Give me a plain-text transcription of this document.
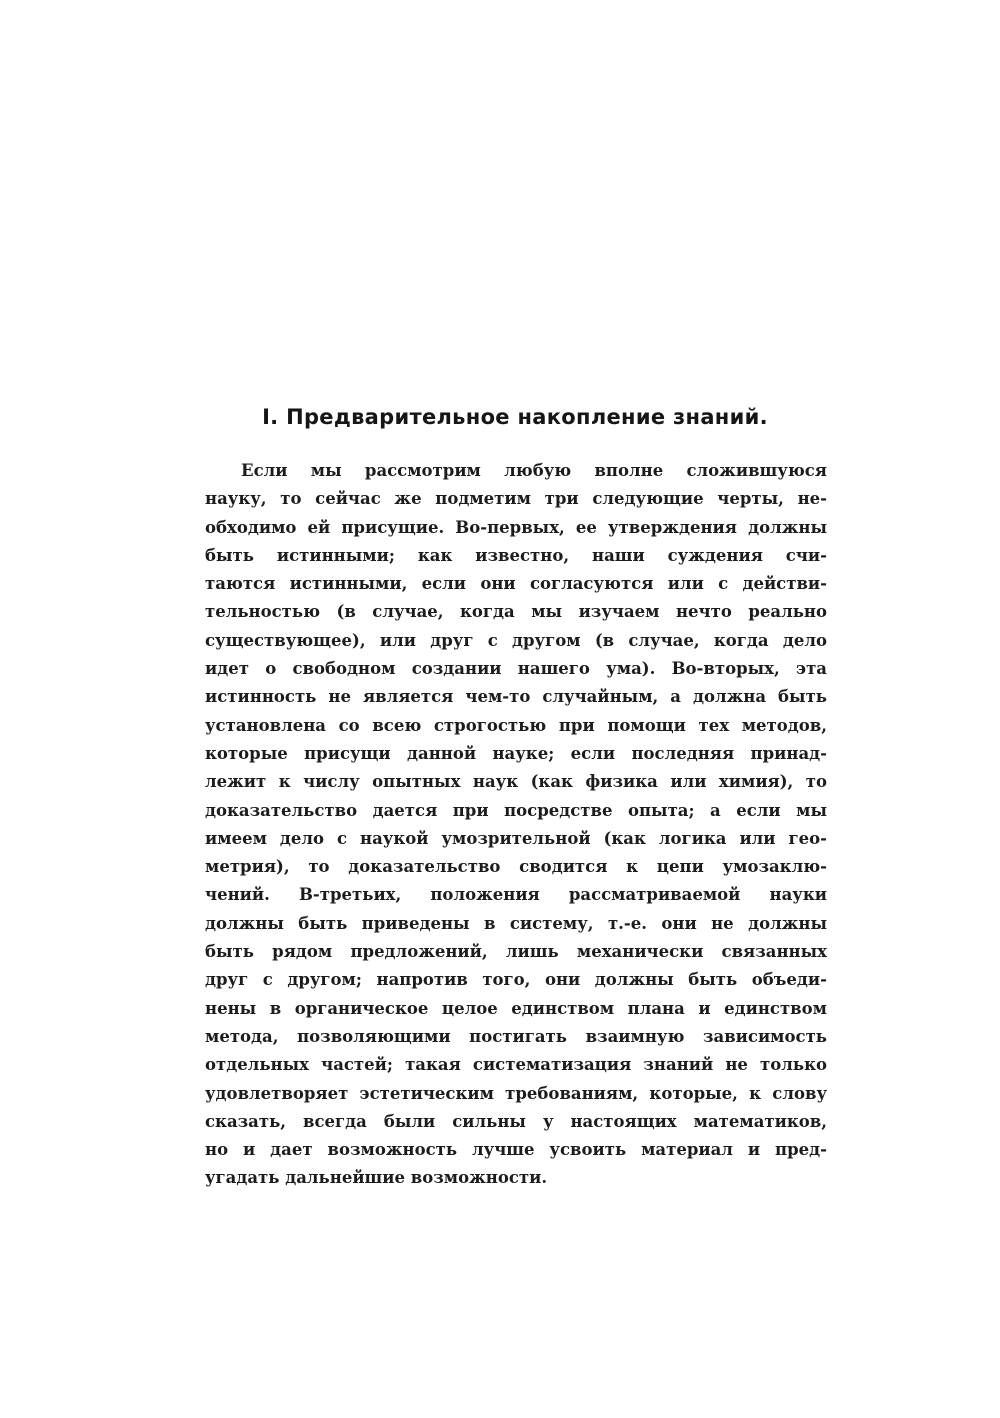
I. Предварительное накопление знаний.
Если мы рассмотрим любую вполне сложившуюся
науку, то сейчас же подметим три следующие черты, не-
обходимо ей присущие. Во-первых, ее утверждения должны
быть истинными; как известно, наши суждения счи-
таются истинными, если они согласуются или с действи-
тельностью (в случае, когда мы изучаем нечто реально
существующее), или друг с другом (в случае, когда дело
идет о свободном создании нашего ума). Во-вторых, эта
истинность не является чем-то случайным, а должна быть
установлена со всею строгостью при помощи тех методов,
которые присущи данной науке; если последняя принад-
лежит к числу опытных наук (как физика или химия), то
доказательство дается при посредстве опыта; а если мы
имеем дело с наукой умозрительной (как логика или гео-
метрия), то доказательство сводится к цепи умозаклю-
чений. В-третьих, положения рассматриваемой науки
должны быть приведены в систему, т.-е. они не должны
быть рядом предложений, лишь механически связанных
друг с другом; напротив того, они должны быть объеди-
нены в органическое целое единством плана и единством
метода, позволяющими постигать взаимную зависимость
отдельных частей; такая систематизация знаний не только
удовлетворяет эстетическим требованиям, которые, к слову
сказать, всегда были сильны у настоящих математиков,
но и дает возможность лучше усвоить материал и пред-
угадать дальнейшие возможности.
